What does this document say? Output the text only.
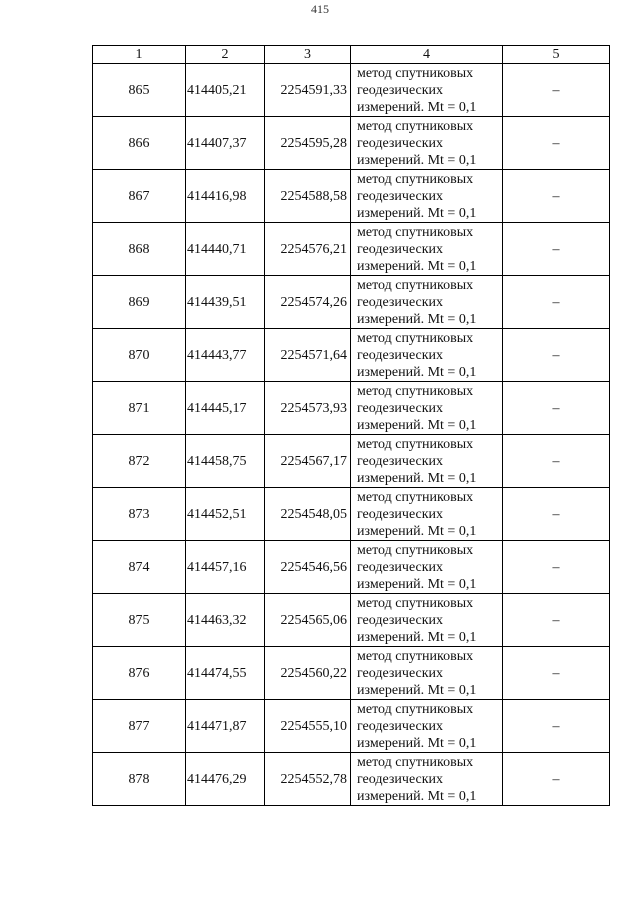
415
1	2	3	4	5
865	414405,21	2254591,33	метод спутниковых
геодезических
измерений. Mt = 0,1	–
866	414407,37	2254595,28	метод спутниковых
геодезических
измерений. Mt = 0,1	–
867	414416,98	2254588,58	метод спутниковых
геодезических
измерений. Mt = 0,1	–
868	414440,71	2254576,21	метод спутниковых
геодезических
измерений. Mt = 0,1	–
869	414439,51	2254574,26	метод спутниковых
геодезических
измерений. Mt = 0,1	–
870	414443,77	2254571,64	метод спутниковых
геодезических
измерений. Mt = 0,1	–
871	414445,17	2254573,93	метод спутниковых
геодезических
измерений. Mt = 0,1	–
872	414458,75	2254567,17	метод спутниковых
геодезических
измерений. Mt = 0,1	–
873	414452,51	2254548,05	метод спутниковых
геодезических
измерений. Mt = 0,1	–
874	414457,16	2254546,56	метод спутниковых
геодезических
измерений. Mt = 0,1	–
875	414463,32	2254565,06	метод спутниковых
геодезических
измерений. Mt = 0,1	–
876	414474,55	2254560,22	метод спутниковых
геодезических
измерений. Mt = 0,1	–
877	414471,87	2254555,10	метод спутниковых
геодезических
измерений. Mt = 0,1	–
878	414476,29	2254552,78	метод спутниковых
геодезических
измерений. Mt = 0,1	–
